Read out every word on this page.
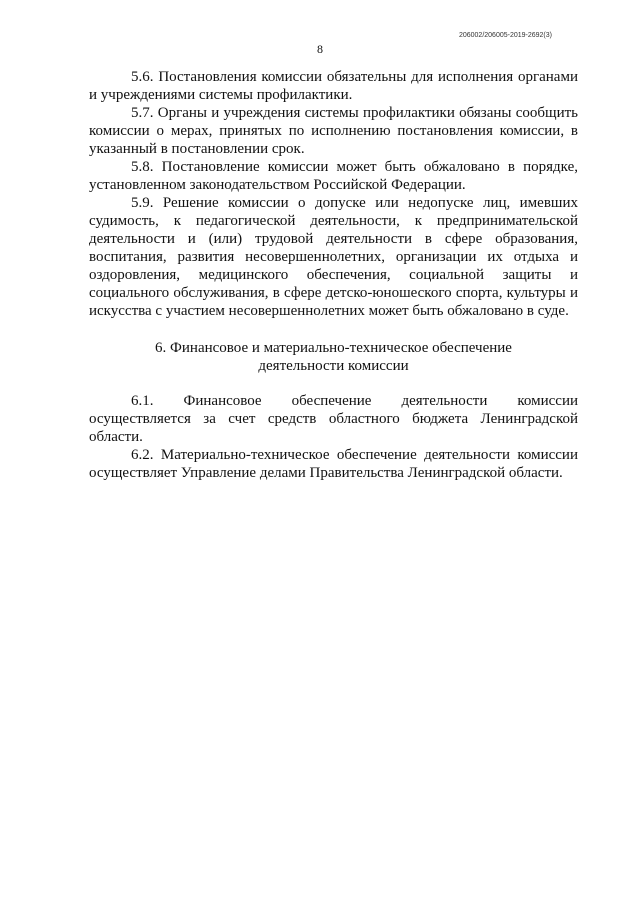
206002/206005-2019-2692(3)
8

5.6. Постановления комиссии обязательны для исполнения органами и учреждениями системы профилактики.

5.7. Органы и учреждения системы профилактики обязаны сообщить комиссии о мерах, принятых по исполнению постановления комиссии, в указанный в постановлении срок.

5.8. Постановление комиссии может быть обжаловано в порядке, установленном законодательством Российской Федерации.

5.9. Решение комиссии о допуске или недопуске лиц, имевших судимость, к педагогической деятельности, к предпринимательской деятельности и (или) трудовой деятельности в сфере образования, воспитания, развития несовершеннолетних, организации их отдыха и оздоровления, медицинского обеспечения, социальной защиты и социального обслуживания, в сфере детско-юношеского спорта, культуры и искусства с участием несовершеннолетних может быть обжаловано в суде.

6. Финансовое и материально-техническое обеспечение
деятельности комиссии

6.1. Финансовое обеспечение деятельности комиссии осуществляется за счет средств областного бюджета Ленинградской области.

6.2. Материально-техническое обеспечение деятельности комиссии осуществляет Управление делами Правительства Ленинградской области.
